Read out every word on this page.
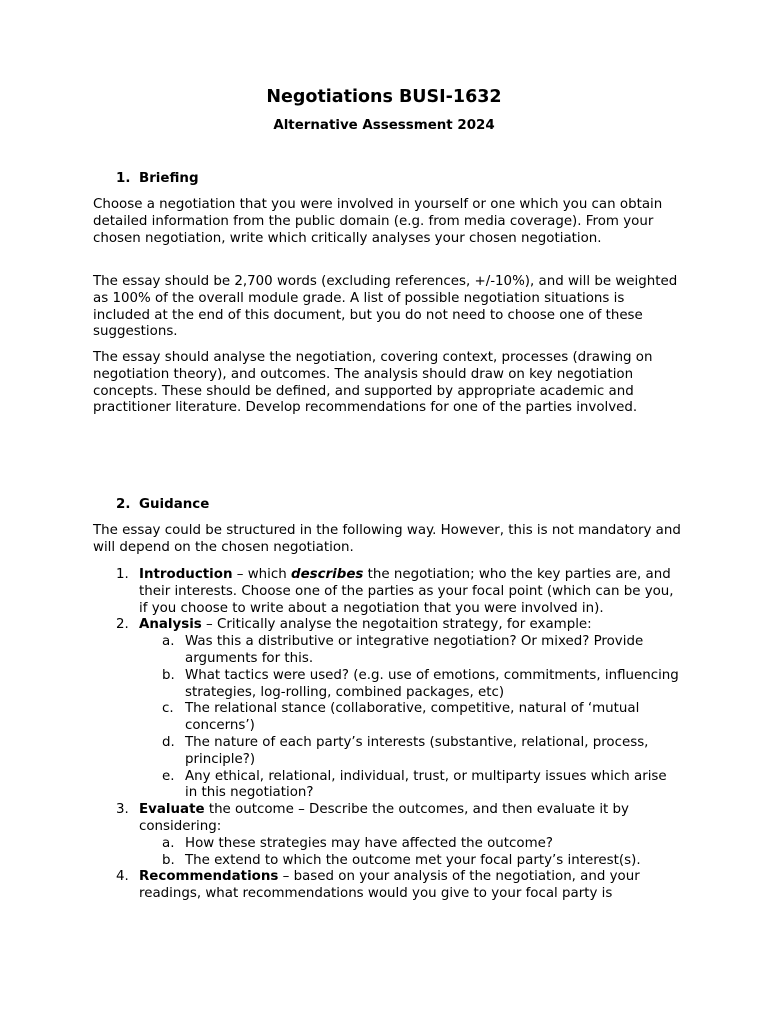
Negotiations BUSI-1632
Alternative Assessment 2024
1. Briefing

Choose a negotiation that you were involved in yourself or one which you can obtain detailed information from the public domain (e.g. from media coverage). From your chosen negotiation, write which critically analyses your chosen negotiation.

The essay should be 2,700 words (excluding references, +/-10%), and will be weighted as 100% of the overall module grade. A list of possible negotiation situations is included at the end of this document, but you do not need to choose one of these suggestions.

The essay should analyse the negotiation, covering context, processes (drawing on negotiation theory), and outcomes. The analysis should draw on key negotiation concepts. These should be defined, and supported by appropriate academic and practitioner literature. Develop recommendations for one of the parties involved.

2. Guidance

The essay could be structured in the following way. However, this is not mandatory and will depend on the chosen negotiation.

1. Introduction – which describes the negotiation; who the key parties are, and their interests. Choose one of the parties as your focal point (which can be you, if you choose to write about a negotiation that you were involved in).
2. Analysis – Critically analyse the negotaition strategy, for example:
a. Was this a distributive or integrative negotiation? Or mixed? Provide arguments for this.
b. What tactics were used? (e.g. use of emotions, commitments, influencing strategies, log-rolling, combined packages, etc)
c. The relational stance (collaborative, competitive, natural of ‘mutual concerns’)
d. The nature of each party’s interests (substantive, relational, process, principle?)
e. Any ethical, relational, individual, trust, or multiparty issues which arise in this negotiation?
3. Evaluate the outcome – Describe the outcomes, and then evaluate it by considering:
a. How these strategies may have affected the outcome?
b. The extend to which the outcome met your focal party’s interest(s).
4. Recommendations – based on your analysis of the negotiation, and your readings, what recommendations would you give to your focal party is
